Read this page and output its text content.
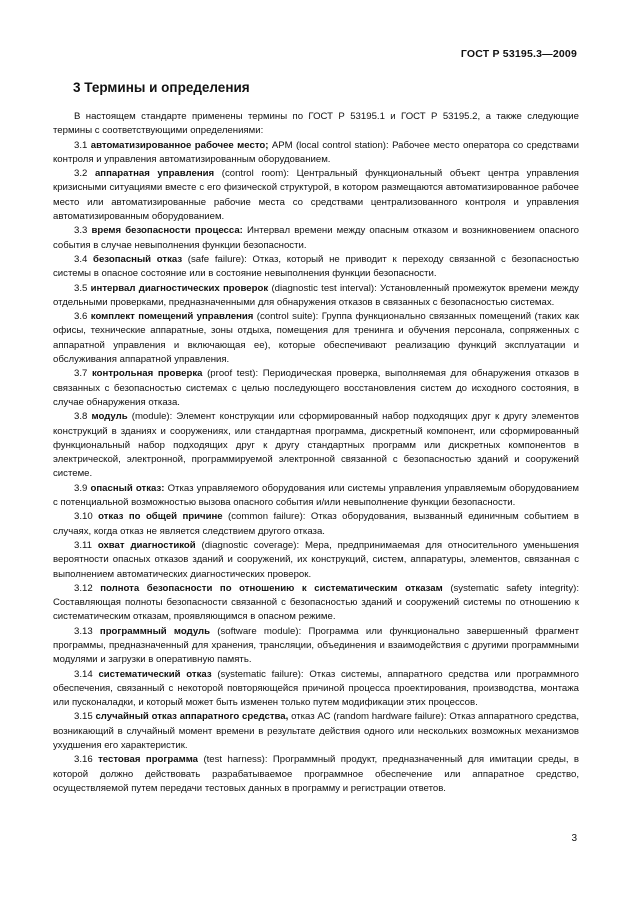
ГОСТ Р 53195.3—2009
3 Термины и определения

В настоящем стандарте применены термины по ГОСТ Р 53195.1 и ГОСТ Р 53195.2, а также следующие термины с соответствующими определениями:

3.1 автоматизированное рабочее место; АРМ (local control station): Рабочее место оператора со средствами контроля и управления автоматизированным оборудованием.

3.2 аппаратная управления (control room): Центральный функциональный объект центра управления кризисными ситуациями вместе с его физической структурой, в котором размещаются автоматизированное рабочее место или автоматизированные рабочие места со средствами централизованного контроля и управления автоматизированным оборудованием.

3.3 время безопасности процесса: Интервал времени между опасным отказом и возникновением опасного события в случае невыполнения функции безопасности.

3.4 безопасный отказ (safe failure): Отказ, который не приводит к переходу связанной с безопасностью системы в опасное состояние или в состояние невыполнения функции безопасности.

3.5 интервал диагностических проверок (diagnostic test interval): Установленный промежуток времени между отдельными проверками, предназначенными для обнаружения отказов в связанных с безопасностью системах.

3.6 комплект помещений управления (control suite): Группа функционально связанных помещений (таких как офисы, технические аппаратные, зоны отдыха, помещения для тренинга и обучения персонала, сопряженных с аппаратной управления и включающая ее), которые обеспечивают реализацию функций эксплуатации и обслуживания аппаратной управления.

3.7 контрольная проверка (proof test): Периодическая проверка, выполняемая для обнаружения отказов в связанных с безопасностью системах с целью последующего восстановления систем до исходного состояния, в случае обнаружения отказа.

3.8 модуль (module): Элемент конструкции или сформированный набор подходящих друг к другу элементов конструкций в зданиях и сооружениях, или стандартная программа, дискретный компонент, или сформированный функциональный набор подходящих друг к другу стандартных программ или дискретных компонентов в электрической, электронной, программируемой электронной связанной с безопасностью зданий и сооружений системе.

3.9 опасный отказ: Отказ управляемого оборудования или системы управления управляемым оборудованием с потенциальной возможностью вызова опасного события и/или невыполнение функции безопасности.

3.10 отказ по общей причине (common failure): Отказ оборудования, вызванный единичным событием в случаях, когда отказ не является следствием другого отказа.

3.11 охват диагностикой (diagnostic coverage): Мера, предпринимаемая для относительного уменьшения вероятности опасных отказов зданий и сооружений, их конструкций, систем, аппаратуры, элементов, связанная с выполнением автоматических диагностических проверок.

3.12 полнота безопасности по отношению к систематическим отказам (systematic safety integrity): Составляющая полноты безопасности связанной с безопасностью зданий и сооружений системы по отношению к систематическим отказам, проявляющимся в опасном режиме.

3.13 программный модуль (software module): Программа или функционально завершенный фрагмент программы, предназначенный для хранения, трансляции, объединения и взаимодействия с другими программными модулями и загрузки в оперативную память.

3.14 систематический отказ (systematic failure): Отказ системы, аппаратного средства или программного обеспечения, связанный с некоторой повторяющейся причиной процесса проектирования, производства, монтажа или пусконаладки, и который может быть изменен только путем модификации этих процессов.

3.15 случайный отказ аппаратного средства, отказ АС (random hardware failure): Отказ аппаратного средства, возникающий в случайный момент времени в результате действия одного или нескольких возможных механизмов ухудшения его характеристик.

3.16 тестовая программа (test harness): Программный продукт, предназначенный для имитации среды, в которой должно действовать разрабатываемое программное обеспечение или аппаратное средство, осуществляемой путем передачи тестовых данных в программу и регистрации ответов.

3
